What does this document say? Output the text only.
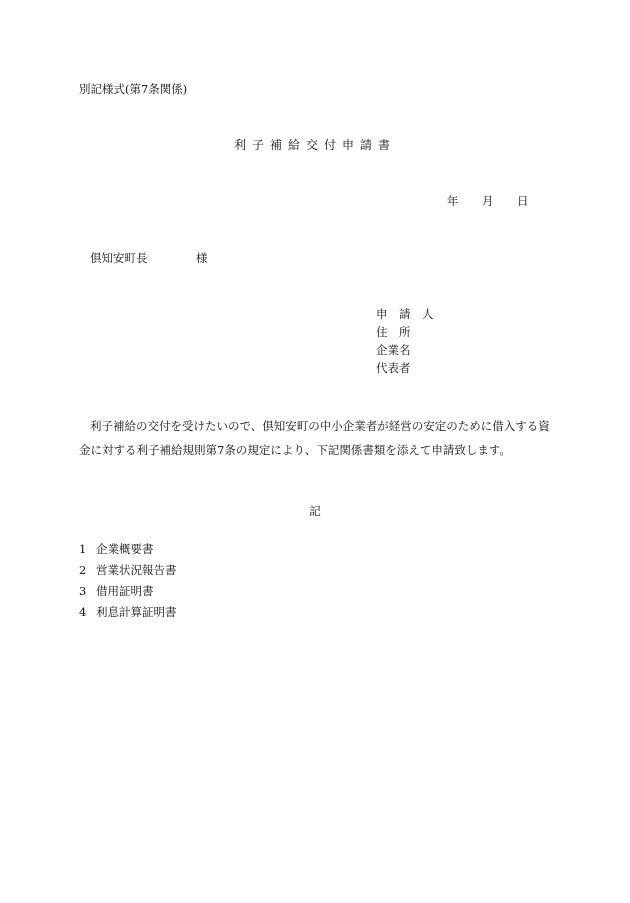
別記様式(第7条関係)
利子補給交付申請書
年 月 日
倶知安町長	様
申　請　人
住　所
企業名
代表者
利子補給の交付を受けたいので、倶知安町の中小企業者が経営の安定のために借入する資金に対する利子補給規則第7条の規定により、下記関係書類を添えて申請致します。
記
1 企業概要書
2 営業状況報告書
3 借用証明書
4 利息計算証明書
